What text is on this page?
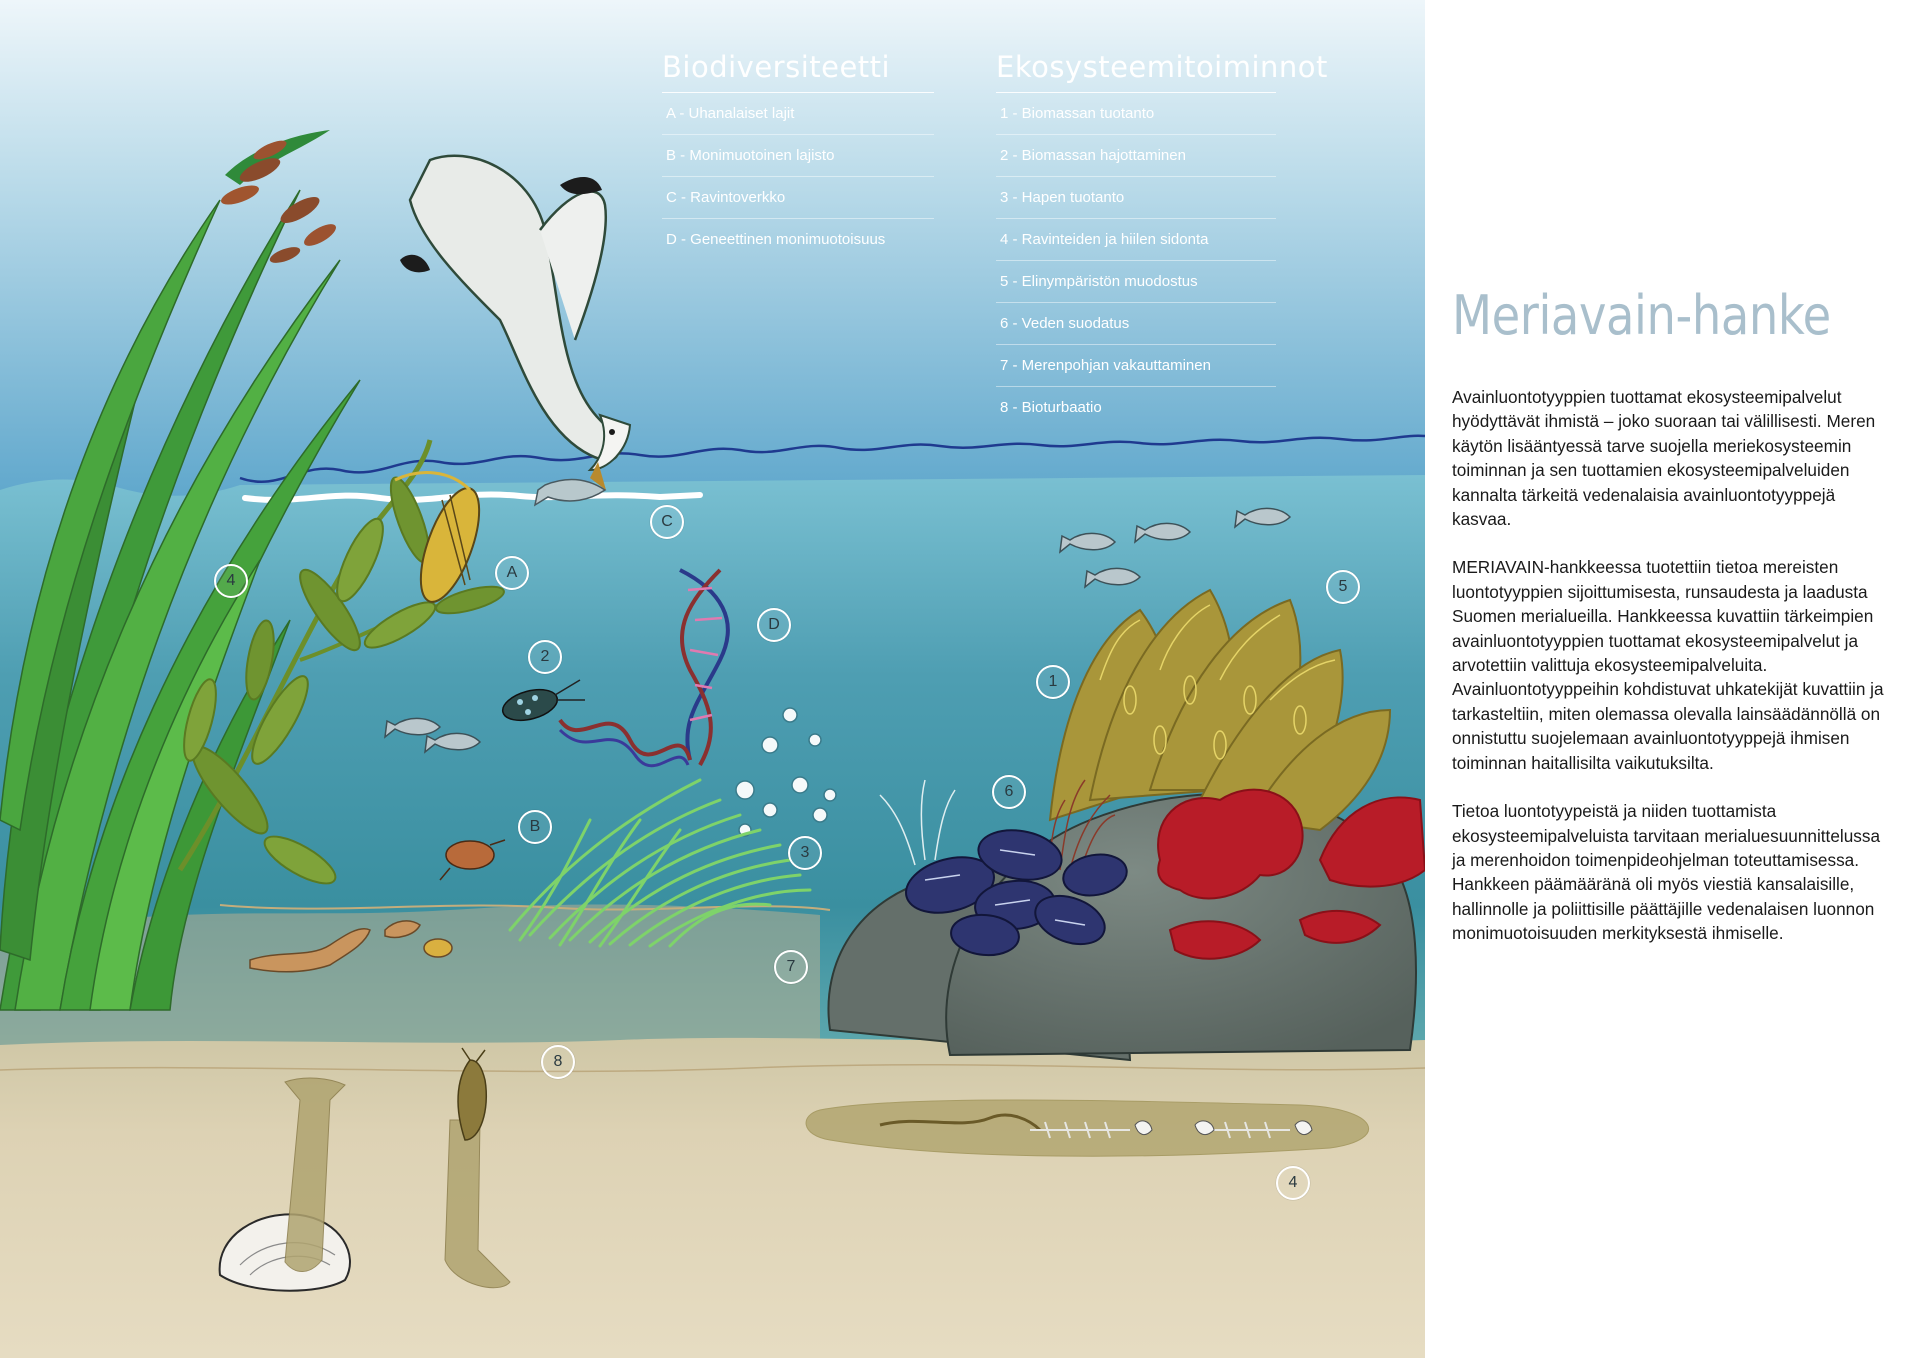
Biodiversiteetti
A - Uhanalaiset lajit
B - Monimuotoinen lajisto
C - Ravintoverkko
D - Geneettinen monimuotoisuus
Ekosysteemitoiminnot
1 - Biomassan tuotanto
2 - Biomassan hajottaminen
3 - Hapen tuotanto
4 - Ravinteiden ja hiilen sidonta
5 - Elinympäristön muodostus
6 - Veden suodatus
7 - Merenpohjan vakauttaminen
8 - Bioturbaatio
A
B
C
D
1
2
3
4
4
5
6
7
8
Meriavain-hanke

Avainluontotyyppien tuottamat ekosysteemipalvelut hyödyttävät ihmistä – joko suoraan tai välillisesti. Meren käytön lisääntyessä tarve suojella meriekosysteemin toiminnan ja sen tuottamien ekosysteemipalveluiden kannalta tärkeitä vedenalaisia avainluontotyyppejä kasvaa.

MERIAVAIN-hankkeessa tuotettiin tietoa mereisten luontotyyppien sijoittumisesta, runsaudesta ja laadusta Suomen merialueilla. Hankkeessa kuvattiin tärkeimpien avainluontotyyppien tuottamat ekosysteemipalvelut ja arvotettiin valittuja ekosysteemipalveluita. Avainluontotyyppeihin kohdistuvat uhkatekijät kuvattiin ja tarkasteltiin, miten olemassa olevalla lainsäädännöllä on onnistuttu suojelemaan avainluontotyyppejä ihmisen toiminnan haitallisilta vaikutuksilta.

Tietoa luontotyypeistä ja niiden tuottamista ekosysteemipalveluista tarvitaan merialuesuunnittelussa ja merenhoidon toimenpideohjelman toteuttamisessa. Hankkeen päämääränä oli myös viestiä kansalaisille, hallinnolle ja poliittisille päättäjille vedenalaisen luonnon monimuotoisuuden merkityksestä ihmiselle.
